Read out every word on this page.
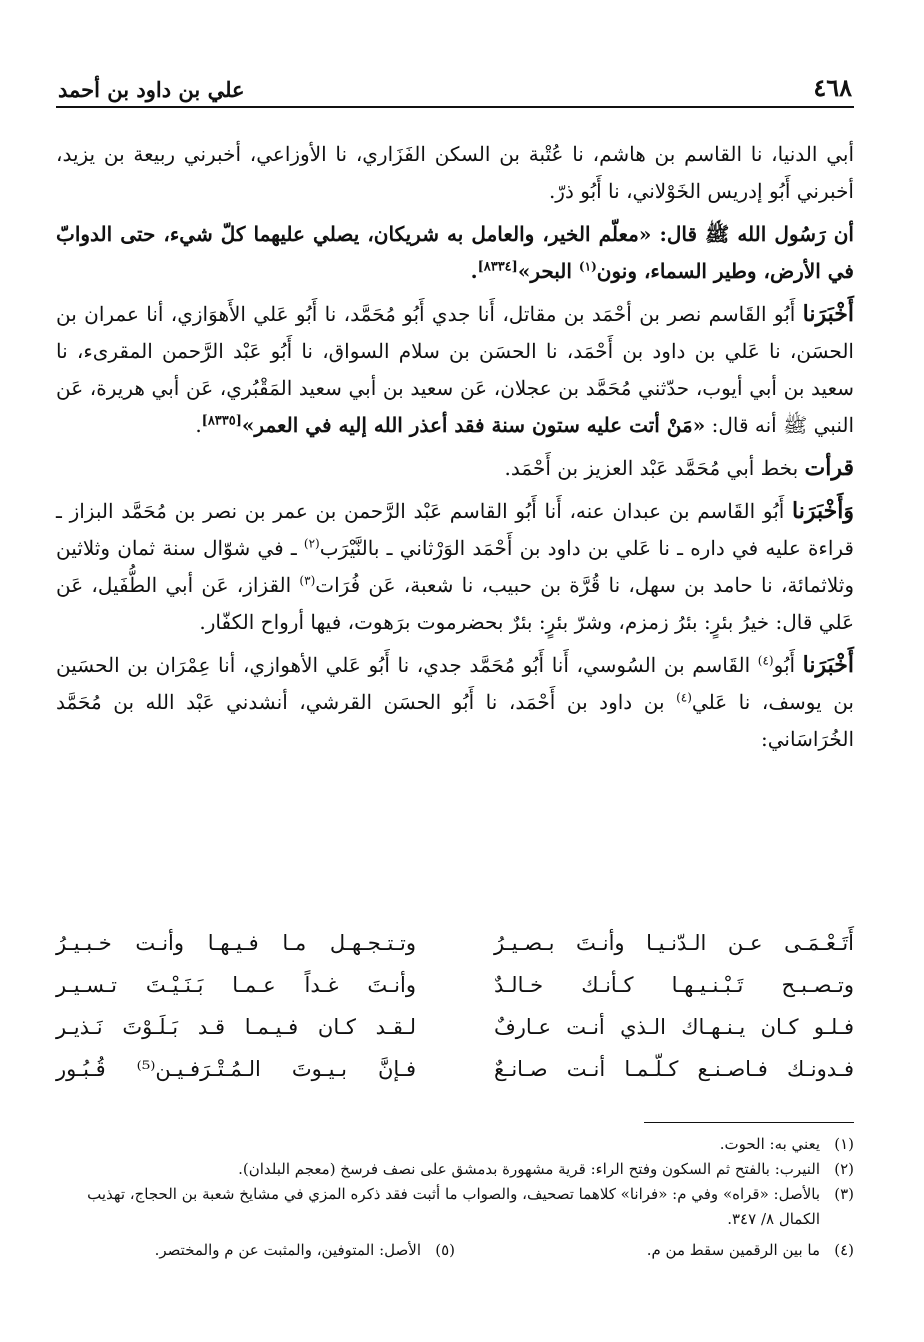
٤٦٨
علي بن داود بن أحمد

أبي الدنيا، نا القاسم بن هاشم، نا عُتْبة بن السكن الفَزَاري، نا الأوزاعي، أخبرني ربيعة بن يزيد، أخبرني أَبُو إدريس الخَوْلاني، نا أَبُو ذرّ.

أن رَسُول الله ﷺ قال: «معلّم الخير، والعامل به شريكان، يصلي عليهما كلّ شيء، حتى الدوابّ في الأرض، وطير السماء، ونون$^{(١)}$ البحر»[٨٣٣٤].

أَخْبَرَنا أَبُو القَاسم نصر بن أحْمَد بن مقاتل، أَنا جدي أَبُو مُحَمَّد، نا أَبُو عَلي الأَهوَازي، أنا عمران بن الحسَن، نا عَلي بن داود بن أَحْمَد، نا الحسَن بن سلام السواق، نا أَبُو عَبْد الرَّحمن المقرىء، نا سعيد بن أبي أيوب، حدّثني مُحَمَّد بن عجلان، عَن سعيد بن أبي سعيد المَقْبُري، عَن أبي هريرة، عَن النبي ﷺ أنه قال: «مَنْ أتت عليه ستون سنة فقد أعذر الله إليه في العمر»[٨٣٣٥].

قرأت بخط أبي مُحَمَّد عَبْد العزيز بن أَحْمَد.

وَأَخْبَرَنا أَبُو القَاسم بن عبدان عنه، أَنا أَبُو القاسم عَبْد الرَّحمن بن عمر بن نصر بن مُحَمَّد البزاز ـ قراءة عليه في داره ـ نا عَلي بن داود بن أَحْمَد الوَرْثاني ـ بالنَّيْرَب$^{(٢)}$ ـ في شوّال سنة ثمان وثلاثين وثلاثمائة، نا حامد بن سهل، نا قُرَّة بن حبيب، نا شعبة، عَن فُرَات$^{(٣)}$ القزاز، عَن أبي الطُّفَيل، عَن عَلي قال: خيرُ بئرٍ: بئرُ زمزم، وشرّ بئرٍ: بئرٌ بحضرموت برَهوت، فيها أرواح الكفّار.

أَخْبَرَنا أَبُو$^{(٤)}$ القَاسم بن السُوسي، أَنا أَبُو مُحَمَّد جدي، نا أَبُو عَلي الأهوازي، أنا عِمْرَان بن الحسَين بن يوسف، نا عَلي$^{(٤)}$ بن داود بن أَحْمَد، نا أَبُو الحسَن القرشي، أنشدني عَبْد الله بن مُحَمَّد الخُرَاسَاني:

أَتَـعْـمَـى عـن الـدّنـيـا وأنـتَ بـصـيـرُ
وتـتـجـهـل مـا فـيـهـا وأنـت خـبـيـرُ
وتـصـبـح تَـبْـنـيـهـا كـأنـك خـالـدٌ
وأنـتَ غـداً عـمـا بَـنَـيْـتَ تـسـيـر
فـلـو كـان يـنـهـاك الـذي أنـت عـارفٌ
لـقـد كـان فـيـمـا قـد بَـلَـوْتَ نَـذيـر
فـدونـك فـاصـنـع كـلّـمـا أنـت صـانـعٌ
فـإنَّ بـيـوتَ الـمُـتْـرَفـيـن⁽⁵⁾ قُـبُـور
(١)
يعني به: الحوت.
(٢)
النيرب: بالفتح ثم السكون وفتح الراء: قرية مشهورة بدمشق على نصف فرسخ (معجم البلدان).
(٣)
بالأصل: «قراه» وفي م: «فرانا» كلاهما تصحيف، والصواب ما أثبت فقد ذكره المزي في مشايخ شعبة بن الحجاج، تهذيب الكمال ٨/ ٣٤٧.
(٤)
ما بين الرقمين سقط من م.
(٥)
الأصل: المتوفين، والمثبت عن م والمختصر.
